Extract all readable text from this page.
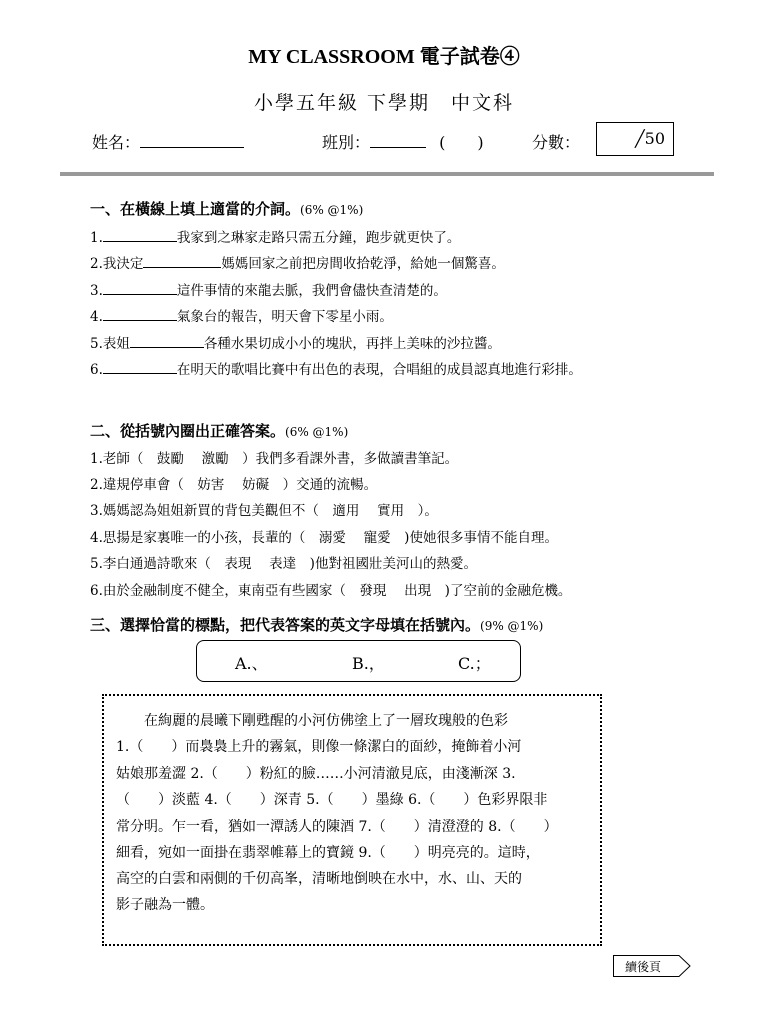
MY CLASSROOM 電子試卷④
小學五年級 下學期　中文科
姓名：	班別：	(　　)	分數：	╱50
一、在橫線上填上適當的介詞。(6% @1%)
1.	我家到之琳家走路只需五分鐘，跑步就更快了。
2.我決定	媽媽回家之前把房間收拾乾淨，給她一個驚喜。
3.	這件事情的來龍去脈，我們會儘快查清楚的。
4.	氣象台的報告，明天會下零星小雨。
5.表姐	各種水果切成小小的塊狀，再拌上美味的沙拉醬。
6.	在明天的歌唱比賽中有出色的表現，合唱組的成員認真地進行彩排。
二、從括號內圈出正確答案。(6% @1%)
1.老師（　鼓勵　 激勵　）我們多看課外書，多做讀書筆記。
2.違規停車會（　妨害　 妨礙　）交通的流暢。
3.媽媽認為姐姐新買的背包美觀但不（　適用　 實用　）。
4.思揚是家裏唯一的小孩，長輩的（　溺愛　 寵愛　)使她很多事情不能自理。
5.李白通過詩歌來（　表現　 表達　)他對祖國壯美河山的熱愛。
6.由於金融制度不健全，東南亞有些國家（　發現　 出現　)了空前的金融危機。
三、選擇恰當的標點，把代表答案的英文字母填在括號內。(9% @1%)
A.、	B.，	C.；
　　在絢麗的晨曦下剛甦醒的小河仿佛塗上了一層玫瑰般的色彩
1.（　　）而裊裊上升的霧氣，則像一條潔白的面紗，掩飾着小河
姑娘那羞澀 2.（　　）粉紅的臉……小河清澈見底，由淺漸深 3.
（　　）淡藍 4.（　　）深青 5.（　　）墨綠 6.（　　）色彩界限非
常分明。乍一看，猶如一潭誘人的陳酒 7.（　　）清澄澄的 8.（　　）
細看，宛如一面掛在翡翠帷幕上的寶鏡 9.（　　）明亮亮的。這時，
高空的白雲和兩側的千仞高峯，清晰地倒映在水中，水、山、天的
影子融為一體。
續後頁
